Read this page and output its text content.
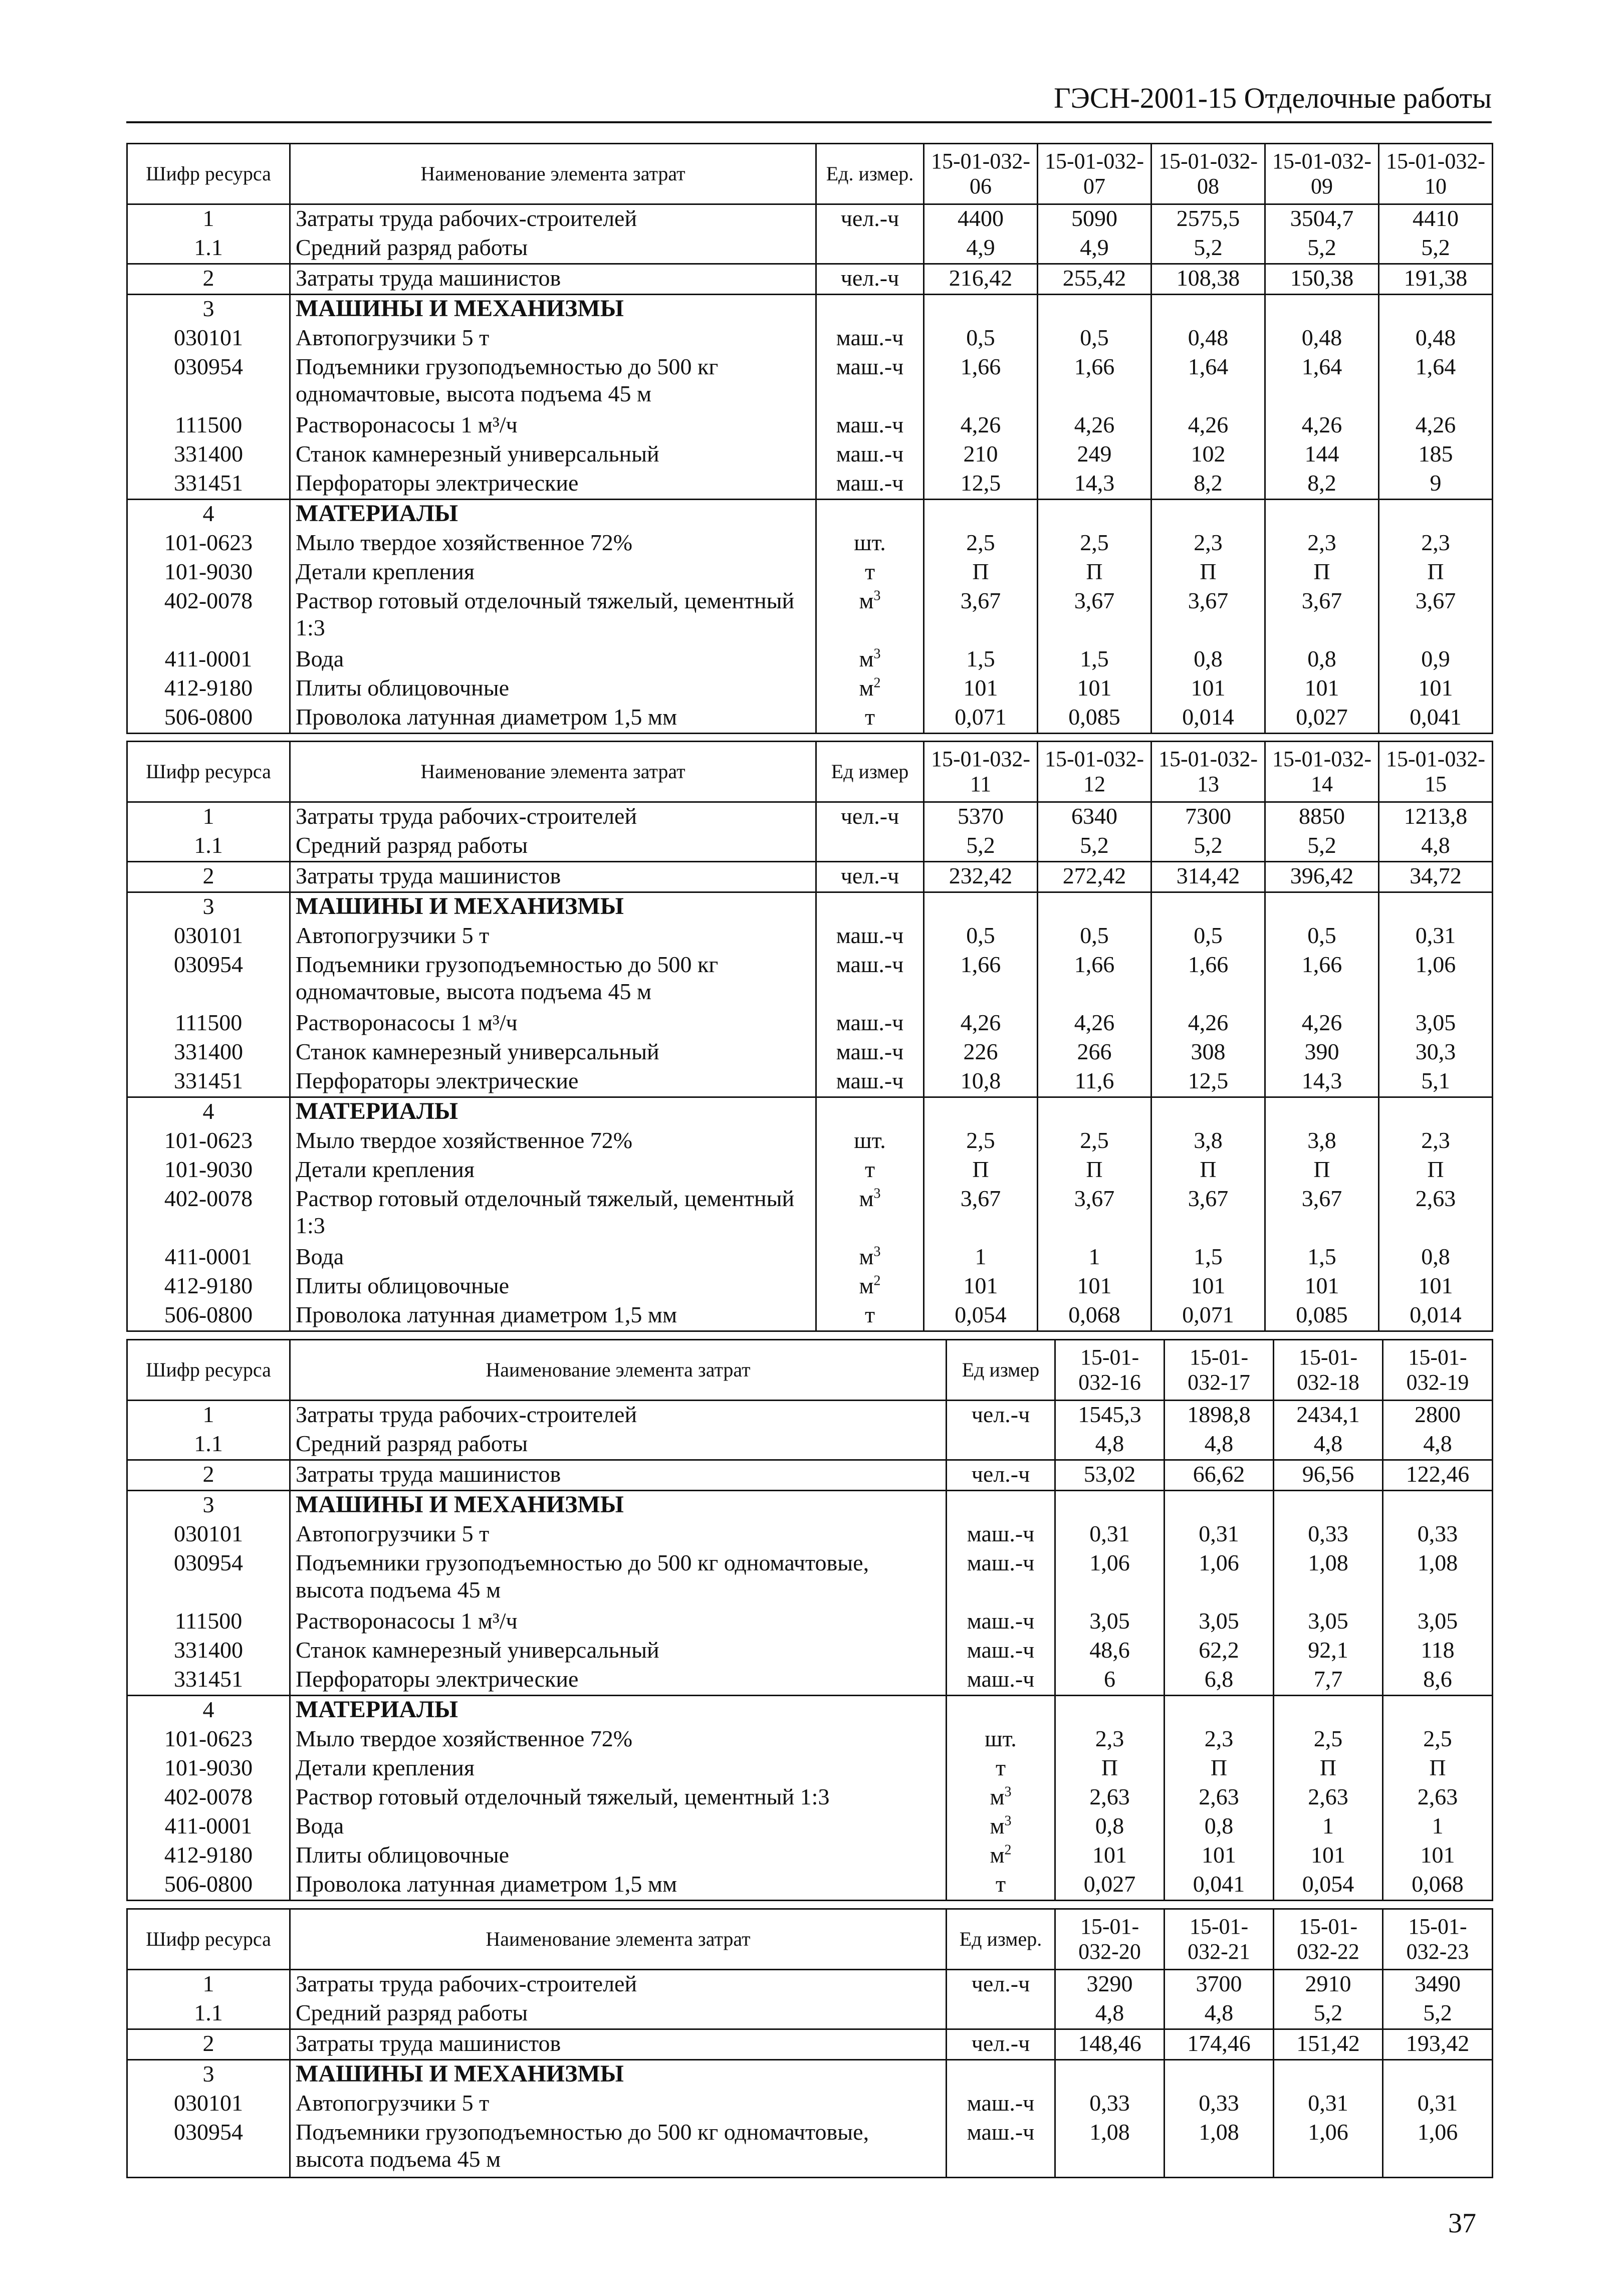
ГЭСН-2001-15 Отделочные работы
Шифр ресурса	Наименование элемента затрат	Ед. измер.	15-01-032-06	15-01-032-07	15-01-032-08	15-01-032-09	15-01-032-10
1	Затраты труда рабочих-строителей	чел.-ч	4400	5090	2575,5	3504,7	4410
1.1	Средний разряд работы		4,9	4,9	5,2	5,2	5,2
2	Затраты труда машинистов	чел.-ч	216,42	255,42	108,38	150,38	191,38
3	МАШИНЫ И МЕХАНИЗМЫ						
030101	Автопогрузчики 5 т	маш.-ч	0,5	0,5	0,48	0,48	0,48
030954	Подъемники грузоподъемностью до 500 кг одномачтовые, высота подъема 45 м	маш.-ч	1,66	1,66	1,64	1,64	1,64
111500	Растворонасосы 1 м³/ч	маш.-ч	4,26	4,26	4,26	4,26	4,26
331400	Станок камнерезный универсальный	маш.-ч	210	249	102	144	185
331451	Перфораторы электрические	маш.-ч	12,5	14,3	8,2	8,2	9
4	МАТЕРИАЛЫ						
101-0623	Мыло твердое хозяйственное 72%	шт.	2,5	2,5	2,3	2,3	2,3
101-9030	Детали крепления	т	П	П	П	П	П
402-0078	Раствор готовый отделочный тяжелый, цементный 1:3	$м^3$	3,67	3,67	3,67	3,67	3,67
411-0001	Вода	$м^3$	1,5	1,5	0,8	0,8	0,9
412-9180	Плиты облицовочные	$м^2$	101	101	101	101	101
506-0800	Проволока латунная диаметром 1,5 мм	т	0,071	0,085	0,014	0,027	0,041
Шифр ресурса	Наименование элемента затрат	Ед измер	15-01-032-11	15-01-032-12	15-01-032-13	15-01-032-14	15-01-032-15
1	Затраты труда рабочих-строителей	чел.-ч	5370	6340	7300	8850	1213,8
1.1	Средний разряд работы		5,2	5,2	5,2	5,2	4,8
2	Затраты труда машинистов	чел.-ч	232,42	272,42	314,42	396,42	34,72
3	МАШИНЫ И МЕХАНИЗМЫ						
030101	Автопогрузчики 5 т	маш.-ч	0,5	0,5	0,5	0,5	0,31
030954	Подъемники грузоподъемностью до 500 кг одномачтовые, высота подъема 45 м	маш.-ч	1,66	1,66	1,66	1,66	1,06
111500	Растворонасосы 1 м³/ч	маш.-ч	4,26	4,26	4,26	4,26	3,05
331400	Станок камнерезный универсальный	маш.-ч	226	266	308	390	30,3
331451	Перфораторы электрические	маш.-ч	10,8	11,6	12,5	14,3	5,1
4	МАТЕРИАЛЫ						
101-0623	Мыло твердое хозяйственное 72%	шт.	2,5	2,5	3,8	3,8	2,3
101-9030	Детали крепления	т	П	П	П	П	П
402-0078	Раствор готовый отделочный тяжелый, цементный 1:3	$м^3$	3,67	3,67	3,67	3,67	2,63
411-0001	Вода	$м^3$	1	1	1,5	1,5	0,8
412-9180	Плиты облицовочные	$м^2$	101	101	101	101	101
506-0800	Проволока латунная диаметром 1,5 мм	т	0,054	0,068	0,071	0,085	0,014
Шифр ресурса	Наименование элемента затрат	Ед измер	15-01-032-16	15-01-032-17	15-01-032-18	15-01-032-19
1	Затраты труда рабочих-строителей	чел.-ч	1545,3	1898,8	2434,1	2800
1.1	Средний разряд работы		4,8	4,8	4,8	4,8
2	Затраты труда машинистов	чел.-ч	53,02	66,62	96,56	122,46
3	МАШИНЫ И МЕХАНИЗМЫ					
030101	Автопогрузчики 5 т	маш.-ч	0,31	0,31	0,33	0,33
030954	Подъемники грузоподъемностью до 500 кг одномачтовые, высота подъема 45 м	маш.-ч	1,06	1,06	1,08	1,08
111500	Растворонасосы 1 м³/ч	маш.-ч	3,05	3,05	3,05	3,05
331400	Станок камнерезный универсальный	маш.-ч	48,6	62,2	92,1	118
331451	Перфораторы электрические	маш.-ч	6	6,8	7,7	8,6
4	МАТЕРИАЛЫ					
101-0623	Мыло твердое хозяйственное 72%	шт.	2,3	2,3	2,5	2,5
101-9030	Детали крепления	т	П	П	П	П
402-0078	Раствор готовый отделочный тяжелый, цементный 1:3	$м^3$	2,63	2,63	2,63	2,63
411-0001	Вода	$м^3$	0,8	0,8	1	1
412-9180	Плиты облицовочные	$м^2$	101	101	101	101
506-0800	Проволока латунная диаметром 1,5 мм	т	0,027	0,041	0,054	0,068
Шифр ресурса	Наименование элемента затрат	Ед измер.	15-01-032-20	15-01-032-21	15-01-032-22	15-01-032-23
1	Затраты труда рабочих-строителей	чел.-ч	3290	3700	2910	3490
1.1	Средний разряд работы		4,8	4,8	5,2	5,2
2	Затраты труда машинистов	чел.-ч	148,46	174,46	151,42	193,42
3	МАШИНЫ И МЕХАНИЗМЫ					
030101	Автопогрузчики 5 т	маш.-ч	0,33	0,33	0,31	0,31
030954	Подъемники грузоподъемностью до 500 кг одномачтовые, высота подъема 45 м	маш.-ч	1,08	1,08	1,06	1,06
37
